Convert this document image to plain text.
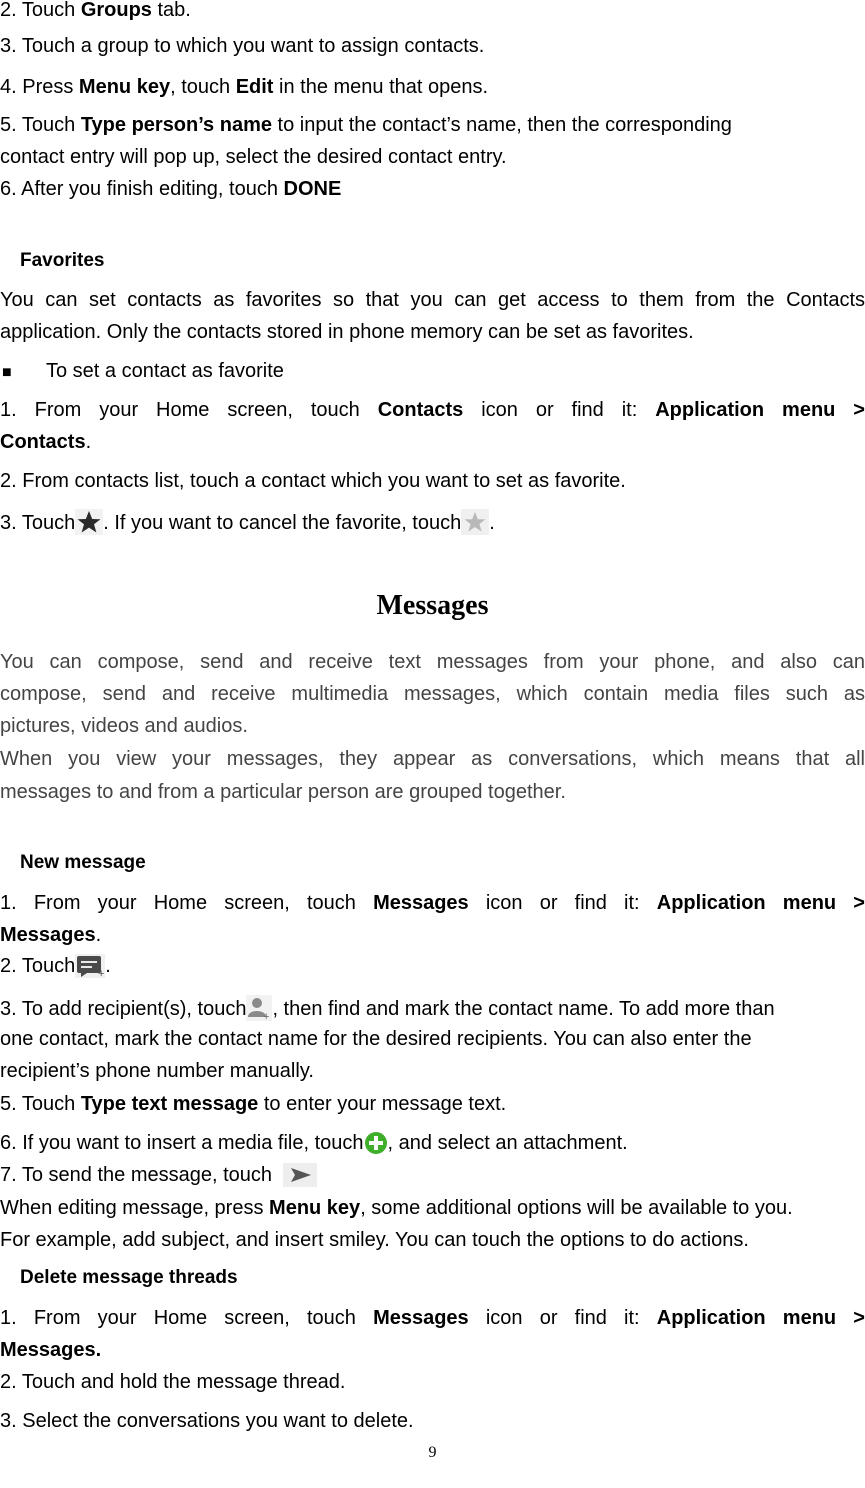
2. Touch Groups tab.
3. Touch a group to which you want to assign contacts.
4. Press Menu key, touch Edit in the menu that opens.
5. Touch Type person’s name to input the contact’s name, then the corresponding
contact entry will pop up, select the desired contact entry.
6. After you finish editing, touch DONE
Favorites
You can set contacts as favorites so that you can get access to them from the Contacts
application. Only the contacts stored in phone memory can be set as favorites.
■ To set a contact as favorite
1. From your Home screen, touch Contacts icon or find it: Application menu >
Contacts.
2. From contacts list, touch a contact which you want to set as favorite.
3. Touch . If you want to cancel the favorite, touch .
Messages
You can compose, send and receive text messages from your phone, and also can
compose, send and receive multimedia messages, which contain media files such as
pictures, videos and audios.
When you view your messages, they appear as conversations, which means that all
messages to and from a particular person are grouped together.
New message
1. From your Home screen, touch Messages icon or find it: Application menu >
Messages.
2. Touch + .
3. To add recipient(s), touch + , then find and mark the contact name. To add more than
one contact, mark the contact name for the desired recipients. You can also enter the
recipient’s phone number manually.
5. Touch Type text message to enter your message text.
6. If you want to insert a media file, touch , and select an attachment.
7. To send the message, touch
When editing message, press Menu key, some additional options will be available to you.
For example, add subject, and insert smiley. You can touch the options to do actions.
Delete message threads
1. From your Home screen, touch Messages icon or find it: Application menu >
Messages.
2. Touch and hold the message thread.
3. Select the conversations you want to delete.
9
